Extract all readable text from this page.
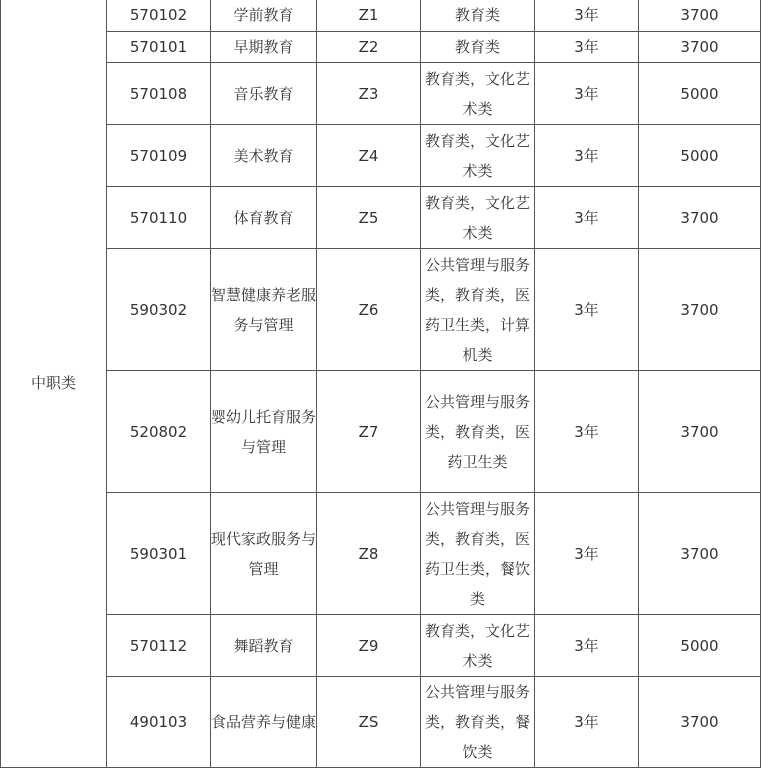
中职类	570102	学前教育	Z1	教育类	3年	3700
	570101	早期教育	Z2	教育类	3年	3700
	570108	音乐教育	Z3	教育类，文化艺术类	3年	5000
	570109	美术教育	Z4	教育类，文化艺术类	3年	5000
	570110	体育教育	Z5	教育类，文化艺术类	3年	3700
	590302	智慧健康养老服务与管理	Z6	公共管理与服务类，教育类，医药卫生类，计算机类	3年	3700
	520802	婴幼儿托育服务与管理	Z7	公共管理与服务类，教育类，医药卫生类	3年	3700
	590301	现代家政服务与管理	Z8	公共管理与服务类，教育类，医药卫生类，餐饮类	3年	3700
	570112	舞蹈教育	Z9	教育类，文化艺术类	3年	5000
	490103	食品营养与健康	ZS	公共管理与服务类，教育类，餐饮类	3年	3700
